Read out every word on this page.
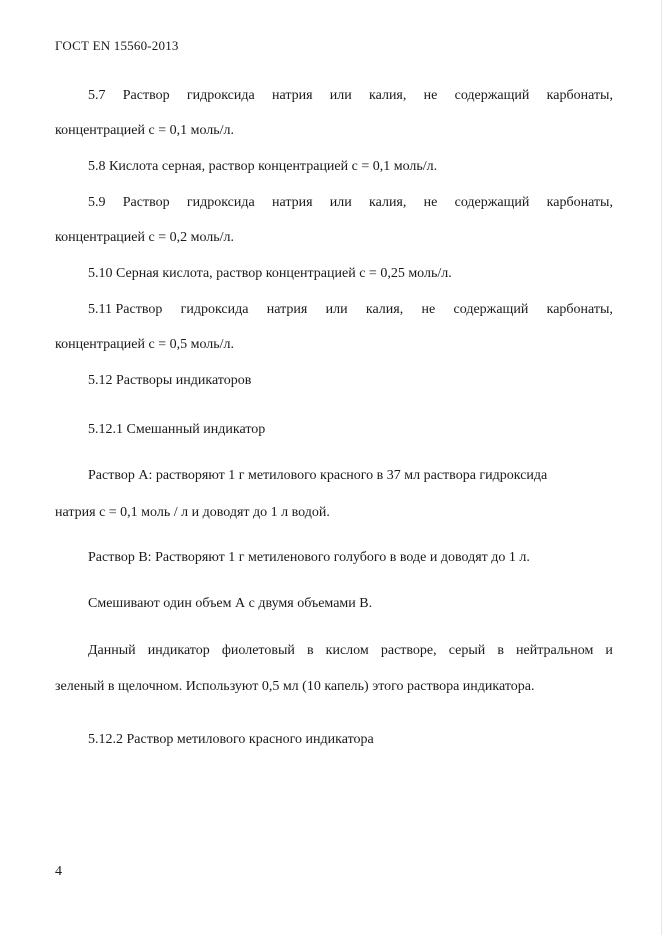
ГОСТ EN 15560-2013
5.7 Раствор гидроксида натрия или калия, не содержащий карбонаты,
концентрацией c = 0,1 моль/л.
5.8 Кислота серная, раствор концентрацией c = 0,1 моль/л.
5.9 Раствор гидроксида натрия или калия, не содержащий карбонаты,
концентрацией c = 0,2 моль/л.
5.10 Серная кислота, раствор концентрацией c = 0,25 моль/л.
5.11 Раствор гидроксида натрия или калия, не содержащий карбонаты,
концентрацией c = 0,5 моль/л.
5.12 Растворы индикаторов
5.12.1 Смешанный индикатор
Раствор А: растворяют 1 г метилового красного в 37 мл раствора гидроксида
натрия c = 0,1 моль / л и доводят до 1 л водой.
Раствор В: Растворяют 1 г метиленового голубого в воде и доводят до 1 л.
Смешивают один объем А с двумя объемами В.
Данный индикатор фиолетовый в кислом растворе, серый в нейтральном и
зеленый в щелочном. Используют 0,5 мл (10 капель) этого раствора индикатора.
5.12.2 Раствор метилового красного индикатора
4
